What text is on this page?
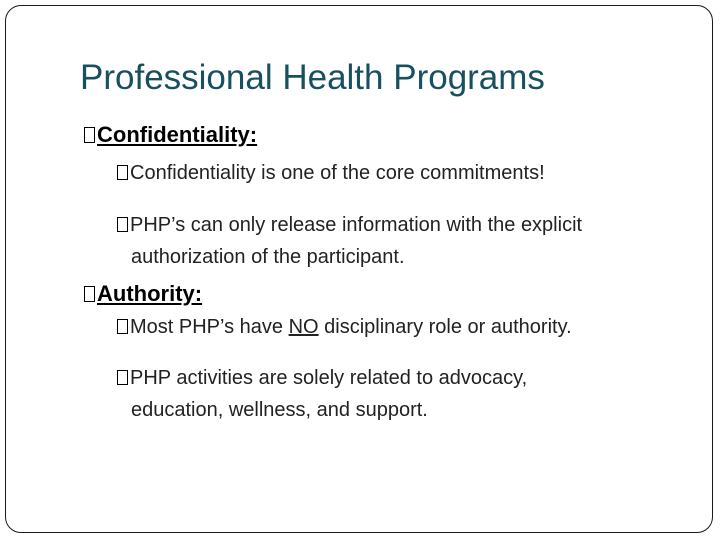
Professional Health Programs
Confidentiality:
Confidentiality is one of the core commitments!
PHP’s can only release information with the explicit
authorization of the participant.
Authority:
Most PHP’s have NO disciplinary role or authority.
PHP activities are solely related to advocacy,
education, wellness, and support.
